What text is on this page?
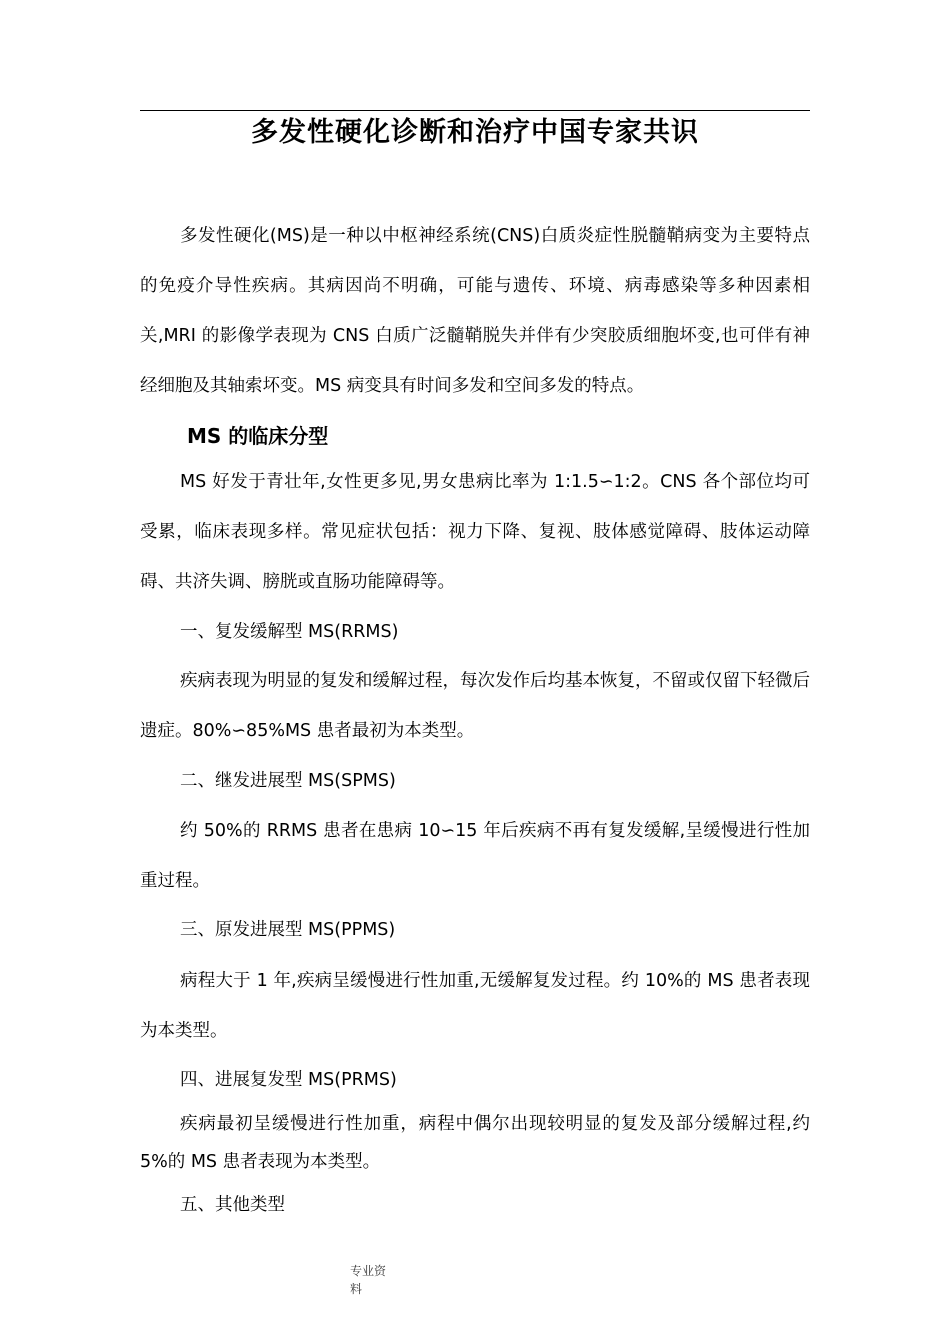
多发性硬化诊断和治疗中国专家共识

多发性硬化(MS)是一种以中枢神经系统(CNS)白质炎症性脱髓鞘病变为主要特点的免疫介导性疾病。其病因尚不明确，可能与遗传、环境、病毒感染等多种因素相关,MRI 的影像学表现为 CNS 白质广泛髓鞘脱失并伴有少突胶质细胞坏变,也可伴有神经细胞及其轴索坏变。MS 病变具有时间多发和空间多发的特点。

MS 的临床分型

MS 好发于青壮年,女性更多见,男女患病比率为 1:1.5∽1:2。CNS 各个部位均可受累，临床表现多样。常见症状包括：视力下降、复视、肢体感觉障碍、肢体运动障碍、共济失调、膀胱或直肠功能障碍等。

一、复发缓解型 MS(RRMS)

疾病表现为明显的复发和缓解过程，每次发作后均基本恢复，不留或仅留下轻微后遗症。80%∽85%MS 患者最初为本类型。

二、继发进展型 MS(SPMS)

约 50%的 RRMS 患者在患病 10∽15 年后疾病不再有复发缓解,呈缓慢进行性加重过程。

三、原发进展型 MS(PPMS)

病程大于 1 年,疾病呈缓慢进行性加重,无缓解复发过程。约 10%的 MS 患者表现为本类型。

四、进展复发型 MS(PRMS)

疾病最初呈缓慢进行性加重，病程中偶尔出现较明显的复发及部分缓解过程,约 5%的 MS 患者表现为本类型。

五、其他类型
专业资料
